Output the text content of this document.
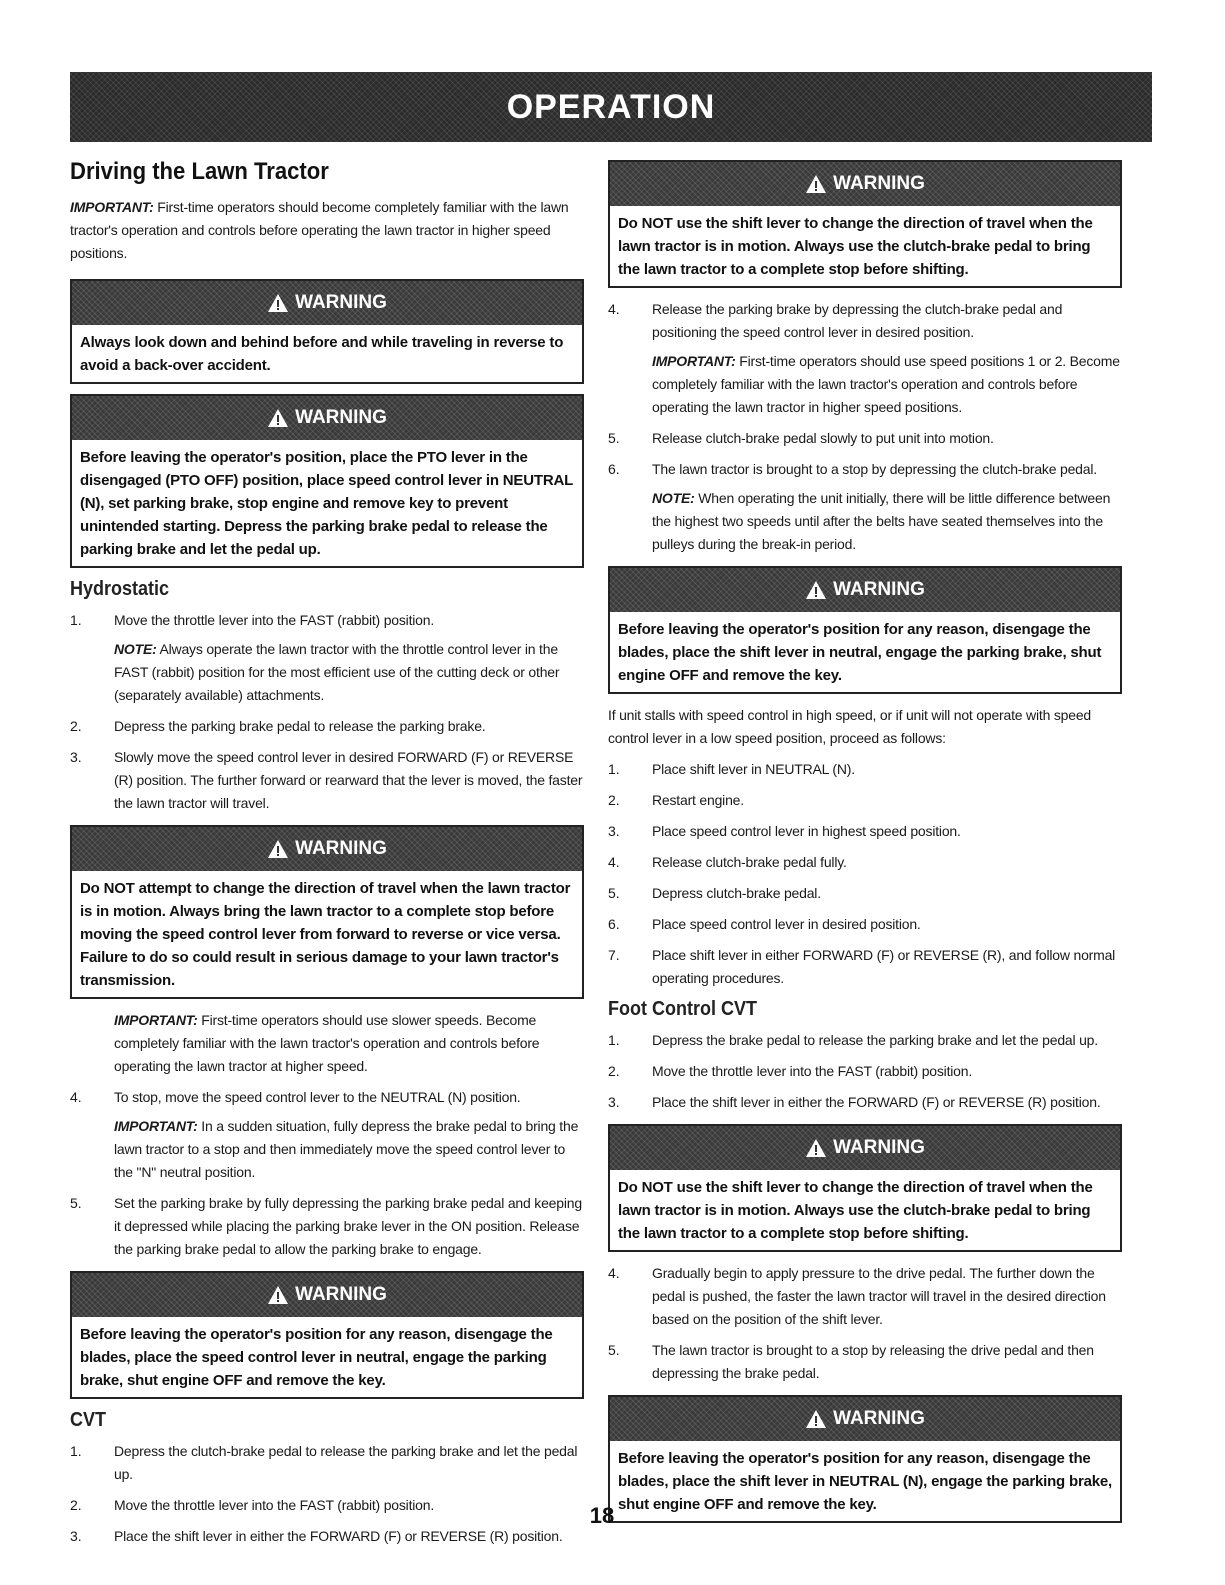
OPERATION
Driving the Lawn Tractor

IMPORTANT: First-time operators should become completely familiar with the lawn tractor's operation and controls before operating the lawn tractor in higher speed positions.

WARNING
Always look down and behind before and while traveling in reverse to avoid a back-over accident.
WARNING
Before leaving the operator's position, place the PTO lever in the disengaged (PTO OFF) position, place speed control lever in NEUTRAL (N), set parking brake, stop engine and remove key to prevent unintended starting. Depress the parking brake pedal to release the parking brake and let the pedal up.
Hydrostatic
1.	Move the throttle lever into the FAST (rabbit) position.

NOTE: Always operate the lawn tractor with the throttle control lever in the FAST (rabbit) position for the most efficient use of the cutting deck or other (separately available) attachments.

2.	Depress the parking brake pedal to release the parking brake.
3.	Slowly move the speed control lever in desired FORWARD (F) or REVERSE (R) position. The further forward or rearward that the lever is moved, the faster the lawn tractor will travel.
WARNING
Do NOT attempt to change the direction of travel when the lawn tractor is in motion. Always bring the lawn tractor to a complete stop before moving the speed control lever from forward to reverse or vice versa. Failure to do so could result in serious damage to your lawn tractor's transmission.

IMPORTANT: First-time operators should use slower speeds. Become completely familiar with the lawn tractor's operation and controls before operating the lawn tractor at higher speed.

4.	To stop, move the speed control lever to the NEUTRAL (N) position.

IMPORTANT: In a sudden situation, fully depress the brake pedal to bring the lawn tractor to a stop and then immediately move the speed control lever to the "N" neutral position.

5.	Set the parking brake by fully depressing the parking brake pedal and keeping it depressed while placing the parking brake lever in the ON position. Release the parking brake pedal to allow the parking brake to engage.
WARNING
Before leaving the operator's position for any reason, disengage the blades, place the speed control lever in neutral, engage the parking brake, shut engine OFF and remove the key.
CVT
1.	Depress the clutch-brake pedal to release the parking brake and let the pedal up.
2.	Move the throttle lever into the FAST (rabbit) position.
3.	Place the shift lever in either the FORWARD (F) or REVERSE (R) position.
WARNING
Do NOT use the shift lever to change the direction of travel when the lawn tractor is in motion. Always use the clutch-brake pedal to bring the lawn tractor to a complete stop before shifting.
4.	Release the parking brake by depressing the clutch-brake pedal and positioning the speed control lever in desired position.

IMPORTANT: First-time operators should use speed positions 1 or 2. Become completely familiar with the lawn tractor's operation and controls before operating the lawn tractor in higher speed positions.

5.	Release clutch-brake pedal slowly to put unit into motion.
6.	The lawn tractor is brought to a stop by depressing the clutch-brake pedal.

NOTE: When operating the unit initially, there will be little difference between the highest two speeds until after the belts have seated themselves into the pulleys during the break-in period.

WARNING
Before leaving the operator's position for any reason, disengage the blades, place the shift lever in neutral, engage the parking brake, shut engine OFF and remove the key.

If unit stalls with speed control in high speed, or if unit will not operate with speed control lever in a low speed position, proceed as follows:

1.	Place shift lever in NEUTRAL (N).
2.	Restart engine.
3.	Place speed control lever in highest speed position.
4.	Release clutch-brake pedal fully.
5.	Depress clutch-brake pedal.
6.	Place speed control lever in desired position.
7.	Place shift lever in either FORWARD (F) or REVERSE (R), and follow normal operating procedures.
Foot Control CVT
1.	Depress the brake pedal to release the parking brake and let the pedal up.
2.	Move the throttle lever into the FAST (rabbit) position.
3.	Place the shift lever in either the FORWARD (F) or REVERSE (R) position.
WARNING
Do NOT use the shift lever to change the direction of travel when the lawn tractor is in motion. Always use the clutch-brake pedal to bring the lawn tractor to a complete stop before shifting.
4.	Gradually begin to apply pressure to the drive pedal. The further down the pedal is pushed, the faster the lawn tractor will travel in the desired direction based on the position of the shift lever.
5.	The lawn tractor is brought to a stop by releasing the drive pedal and then depressing the brake pedal.
WARNING
Before leaving the operator's position for any reason, disengage the blades, place the shift lever in NEUTRAL (N), engage the parking brake, shut engine OFF and remove the key.
18
